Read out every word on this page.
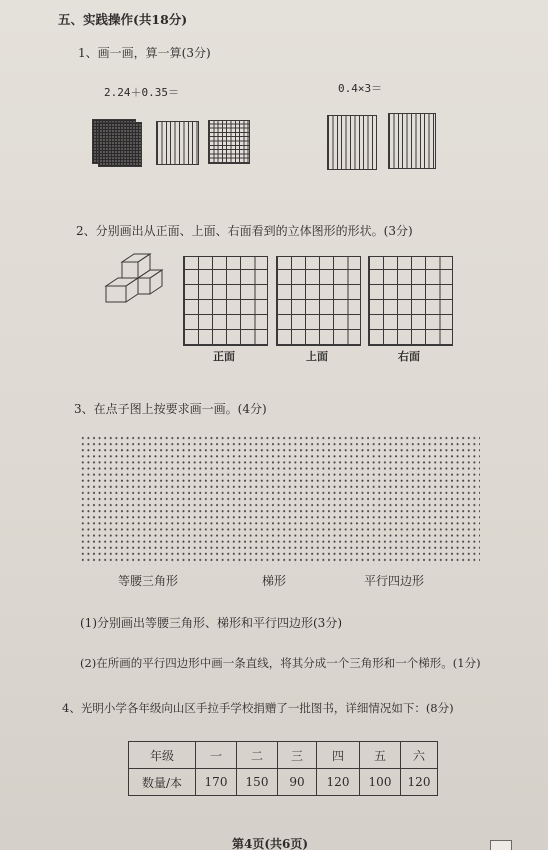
五、实践操作(共18分)
1、画一画，算一算(3分)
2.24＋0.35＝	0.4×3＝
2、分别画出从正面、上面、右面看到的立体图形的形状。(3分)
正面	上面	右面
3、在点子图上按要求画一画。(4分)
等腰三角形	梯形	平行四边形
(1)分别画出等腰三角形、梯形和平行四边形(3分)
(2)在所画的平行四边形中画一条直线，将其分成一个三角形和一个梯形。(1分)
4、光明小学各年级向山区手拉手学校捐赠了一批图书，详细情况如下：(8分)
年级	一	二	三	四	五	六
数量/本	170	150	90	120	100	120
第4页(共6页)
